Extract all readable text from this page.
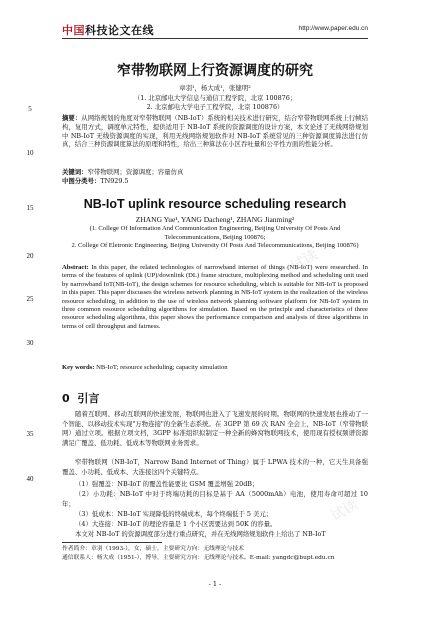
试读
试读
试读
试读
中国科技论文在线	http://www.paper.edu.cn
5
10
15
20
25
30
35
40
窄带物联网上行资源调度的研究
章羽¹，杨大成¹，张健明²
（1. 北京邮电大学信息与通信工程学院，北京 100876；
2. 北京邮电大学电子工程学院，北京 100876）
摘要：从网络规划的角度对窄带物联网（NB-IoT）系统的相关技术进行研究，结合窄带物联网系统上行帧结构，复用方式，调度单元特性，提供适用于 NB-IoT 系统的资源调度的设计方案，本文论述了无线网络规划中 NB-IoT 无线资源调度的实现，利用无线网络规划软件对 NB-IoT 系统常见的三种资源调度算法进行仿真，结合三种资源调度算法的原理和特性，给出三种算法在小区吞吐量和公平性方面的性能分析。
关键词：窄带物联网；资源调度；容量仿真
中图分类号：TN929.5
NB-IoT uplink resource scheduling research
ZHANG Yue¹, YANG Dacheng¹, ZHANG Jianming²
(1. College Of Information And Communication Engineering, Beijing University Of Posts And Telecommunications, Beijing 100876;
2. College Of Eletronic Engineering, Beijing University Of Posts And Telecommunications, Beijing 100876)
Abstract: In this paper, the related technologies of narrowband internet of things (NB-IoT) were researched. In terms of the features of uplink (UP)/downlink (DL) frame structure, multiplexing method and scheduling unit used by narrowband IoT(NB-IoT), the design schemes for resource scheduling, which is suitable for NB-IoT is proposed in this paper. This paper discusses the wireless network planning in NB-IoT system in the realization of the wireless resource scheduling, in addition to the use of wireless network planning software platform for NB-IoT system in three common resource scheduling algorithms for simulation. Based on the principle and characteristics of three resource scheduling algorithms, this paper shows the performance comparison and analysis of three algorithms in terms of cell throughput and fairness.
Key words: NB-IoT; resource scheduling; capacity simulation
0 引言
随着互联网、移动互联网的快速发展，物联网也进入了飞速发展的时期。物联网的快速发展也推动了一个智能、以移动技术实现"万物连接"的全新生态系统。在 3GPP 第 69 次 RAN 全会上，NB-IoT（窄带物联网）通过立项。根据立项文档，3GPP 标准组织拟制定一种全新的蜂窝物联网技术，使用现有授权频谱资源满足广覆盖、低功耗、低成本等物联网业务需求。
窄带物联网（NB-IoT，Narrow Band Internet of Thing）属于 LPWA 技术的一种，它天生具备强覆盖、小功耗、低成本、大连接这四个关键特点。
（1）强覆盖：NB-IoT 的覆盖性能要比 GSM 覆盖增强 20dB；
（2）小功耗：NB-IoT 中对于终端功耗的目标是基于 AA（5000mAh）电池，使用寿命可超过 10 年；
（3）低成本：NB-IoT 实现降低的终端成本，每个终端低于 5 美元；
（4）大连接：NB-IoT 的理论容量是 1 个小区需要达到 50K 的容量。
本文对 NB-IoT 的资源调度部分进行重点研究，并在无线网络规划软件上给出了 NB-IoT
作者简介：章羽（1993-），女，硕士，主要研究方向：无线理论与技术
通信联系人：杨大成（1951-），博导，主要研究方向：无线理论与技术。E-mail: yangdc@bupt.edu.cn
- 1 -
